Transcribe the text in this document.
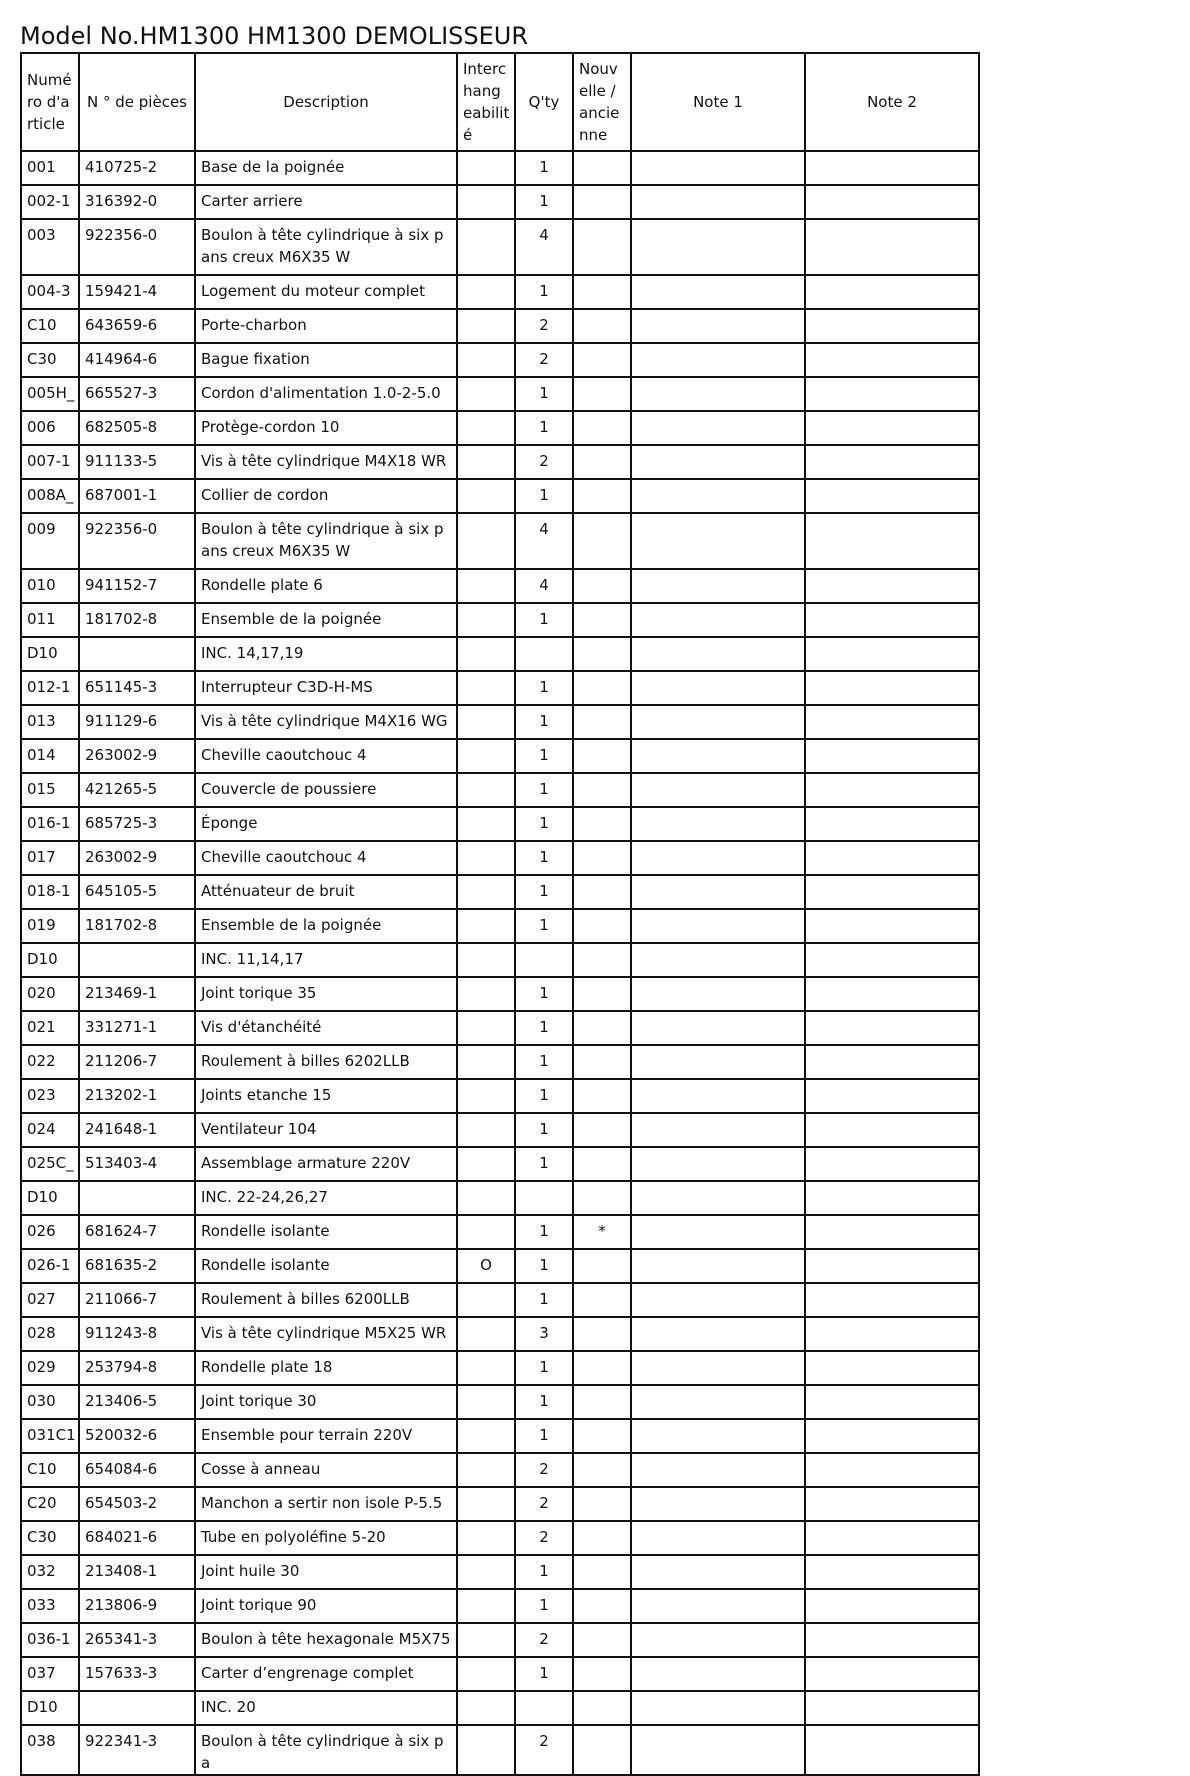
Model No.HM1300 HM1300 DEMOLISSEUR
Numé ro d'a rticle	N ° de pièces	Description	Interc hang eabilit é	Q'ty	Nouv elle / ancie nne	Note 1	Note 2
001	410725-2	Base de la poignée		1			
002-1	316392-0	Carter arriere		1			
003	922356-0	Boulon à tête cylindrique à six pans creux M6X35 W		4			
004-3	159421-4	Logement du moteur complet		1			
C10	643659-6	Porte-charbon		2			
C30	414964-6	Bague fixation		2			
005H_	665527-3	Cordon d'alimentation 1.0-2-5.0		1			
006	682505-8	Protège-cordon 10		1			
007-1	911133-5	Vis à tête cylindrique M4X18 WR		2			
008A_	687001-1	Collier de cordon		1			
009	922356-0	Boulon à tête cylindrique à six pans creux M6X35 W		4			
010	941152-7	Rondelle plate 6		4			
011	181702-8	Ensemble de la poignée		1			
D10		INC. 14,17,19					
012-1	651145-3	Interrupteur C3D-H-MS		1			
013	911129-6	Vis à tête cylindrique M4X16 WG		1			
014	263002-9	Cheville caoutchouc 4		1			
015	421265-5	Couvercle de poussiere		1			
016-1	685725-3	Éponge		1			
017	263002-9	Cheville caoutchouc 4		1			
018-1	645105-5	Atténuateur de bruit		1			
019	181702-8	Ensemble de la poignée		1			
D10		INC. 11,14,17					
020	213469-1	Joint torique 35		1			
021	331271-1	Vis d'étanchéité		1			
022	211206-7	Roulement à billes 6202LLB		1			
023	213202-1	Joints etanche 15		1			
024	241648-1	Ventilateur 104		1			
025C_	513403-4	Assemblage armature 220V		1			
D10		INC. 22-24,26,27					
026	681624-7	Rondelle isolante		1	*		
026-1	681635-2	Rondelle isolante	O	1			
027	211066-7	Roulement à billes 6200LLB		1			
028	911243-8	Vis à tête cylindrique M5X25 WR		3			
029	253794-8	Rondelle plate 18		1			
030	213406-5	Joint torique 30		1			
031C1	520032-6	Ensemble pour terrain 220V		1			
C10	654084-6	Cosse à anneau		2			
C20	654503-2	Manchon a sertir non isole P-5.5		2			
C30	684021-6	Tube en polyoléfine 5-20		2			
032	213408-1	Joint huile 30		1			
033	213806-9	Joint torique 90		1			
036-1	265341-3	Boulon à tête hexagonale M5X75		2			
037	157633-3	Carter d’engrenage complet		1			
D10		INC. 20					
038	922341-3	Boulon à tête cylindrique à six pa		2			
